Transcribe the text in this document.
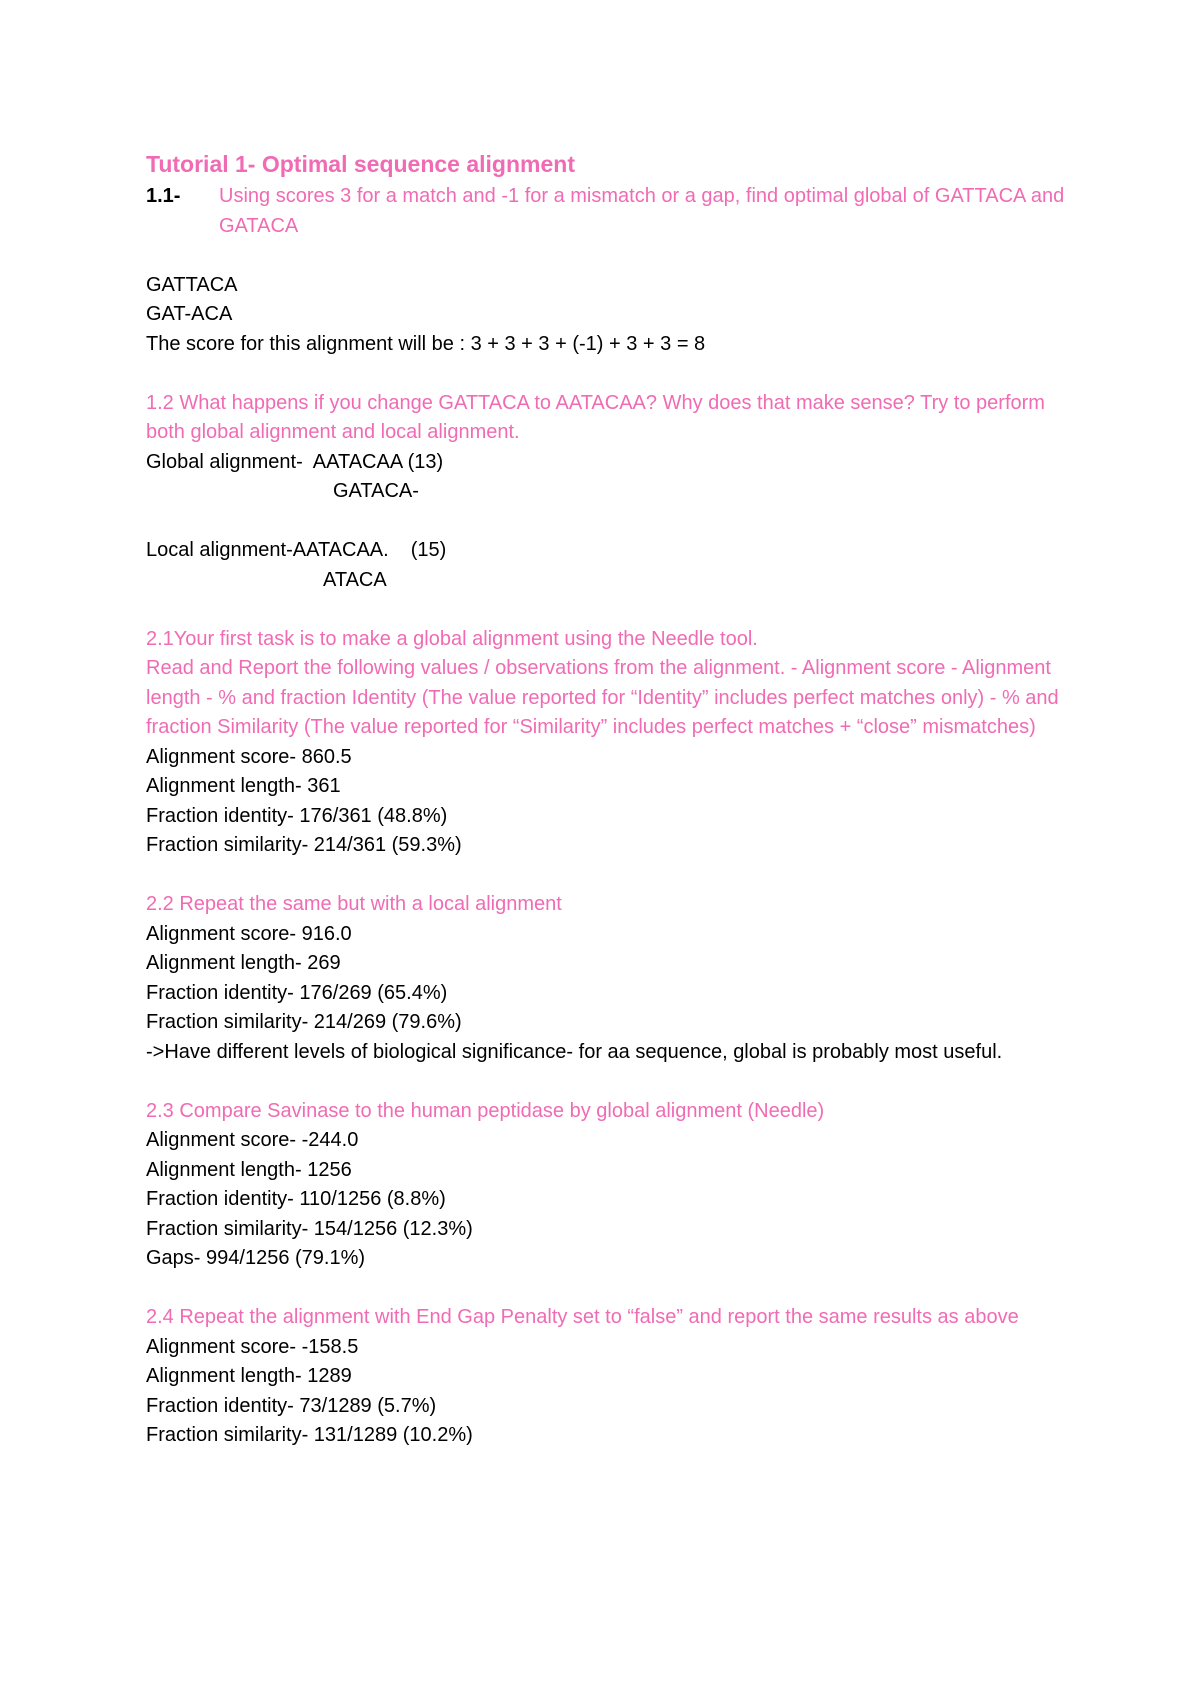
Tutorial 1- Optimal sequence alignment
1.1- Using scores 3 for a match and -1 for a mismatch or a gap, find optimal global of GATTACA and GATACA
GATTACA
GAT-ACA
The score for this alignment will be : 3 + 3 + 3 + (-1) + 3 + 3 = 8
1.2 What happens if you change GATTACA to AATACAA? Why does that make sense? Try to perform both global alignment and local alignment.
Global alignment- AATACAA (13)
GATACA-
Local alignment-AATACAA. (15)
ATACA
2.1Your first task is to make a global alignment using the Needle tool.
Read and Report the following values / observations from the alignment. - Alignment score - Alignment length - % and fraction Identity (The value reported for “Identity” includes perfect matches only) - % and fraction Similarity (The value reported for “Similarity” includes perfect matches + “close” mismatches)
Alignment score- 860.5
Alignment length- 361
Fraction identity- 176/361 (48.8%)
Fraction similarity- 214/361 (59.3%)
2.2 Repeat the same but with a local alignment
Alignment score- 916.0
Alignment length- 269
Fraction identity- 176/269 (65.4%)
Fraction similarity- 214/269 (79.6%)
->Have different levels of biological significance- for aa sequence, global is probably most useful.
2.3 Compare Savinase to the human peptidase by global alignment (Needle)
Alignment score- -244.0
Alignment length- 1256
Fraction identity- 110/1256 (8.8%)
Fraction similarity- 154/1256 (12.3%)
Gaps- 994/1256 (79.1%)
2.4 Repeat the alignment with End Gap Penalty set to “false” and report the same results as above
Alignment score- -158.5
Alignment length- 1289
Fraction identity- 73/1289 (5.7%)
Fraction similarity- 131/1289 (10.2%)
